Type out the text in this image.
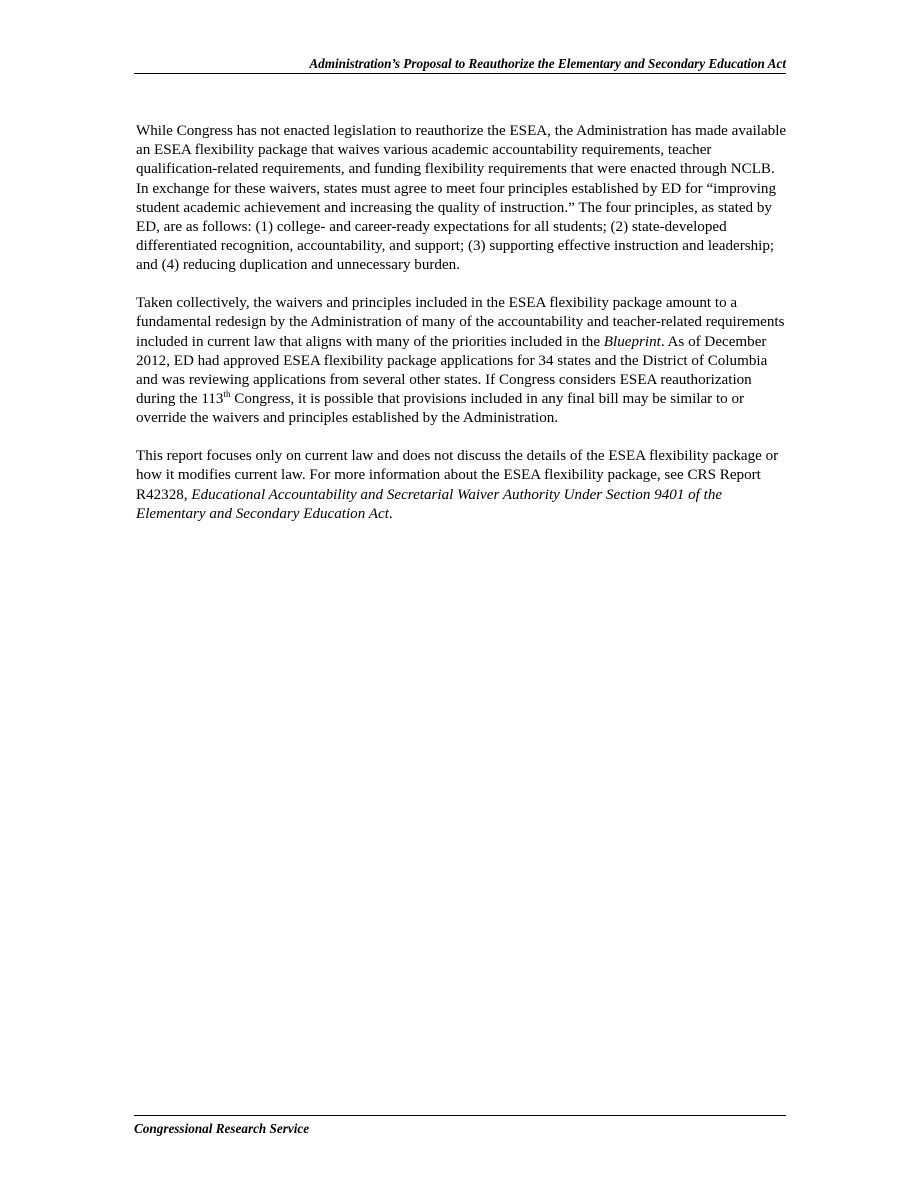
Administration’s Proposal to Reauthorize the Elementary and Secondary Education Act

While Congress has not enacted legislation to reauthorize the ESEA, the Administration has made available an ESEA flexibility package that waives various academic accountability requirements, teacher qualification-related requirements, and funding flexibility requirements that were enacted through NCLB. In exchange for these waivers, states must agree to meet four principles established by ED for “improving student academic achievement and increasing the quality of instruction.” The four principles, as stated by ED, are as follows: (1) college- and career-ready expectations for all students; (2) state-developed differentiated recognition, accountability, and support; (3) supporting effective instruction and leadership; and (4) reducing duplication and unnecessary burden.

Taken collectively, the waivers and principles included in the ESEA flexibility package amount to a fundamental redesign by the Administration of many of the accountability and teacher-related requirements included in current law that aligns with many of the priorities included in the Blueprint. As of December 2012, ED had approved ESEA flexibility package applications for 34 states and the District of Columbia and was reviewing applications from several other states. If Congress considers ESEA reauthorization during the 113th Congress, it is possible that provisions included in any final bill may be similar to or override the waivers and principles established by the Administration.

This report focuses only on current law and does not discuss the details of the ESEA flexibility package or how it modifies current law. For more information about the ESEA flexibility package, see CRS Report R42328, Educational Accountability and Secretarial Waiver Authority Under Section 9401 of the Elementary and Secondary Education Act.

Congressional Research Service
